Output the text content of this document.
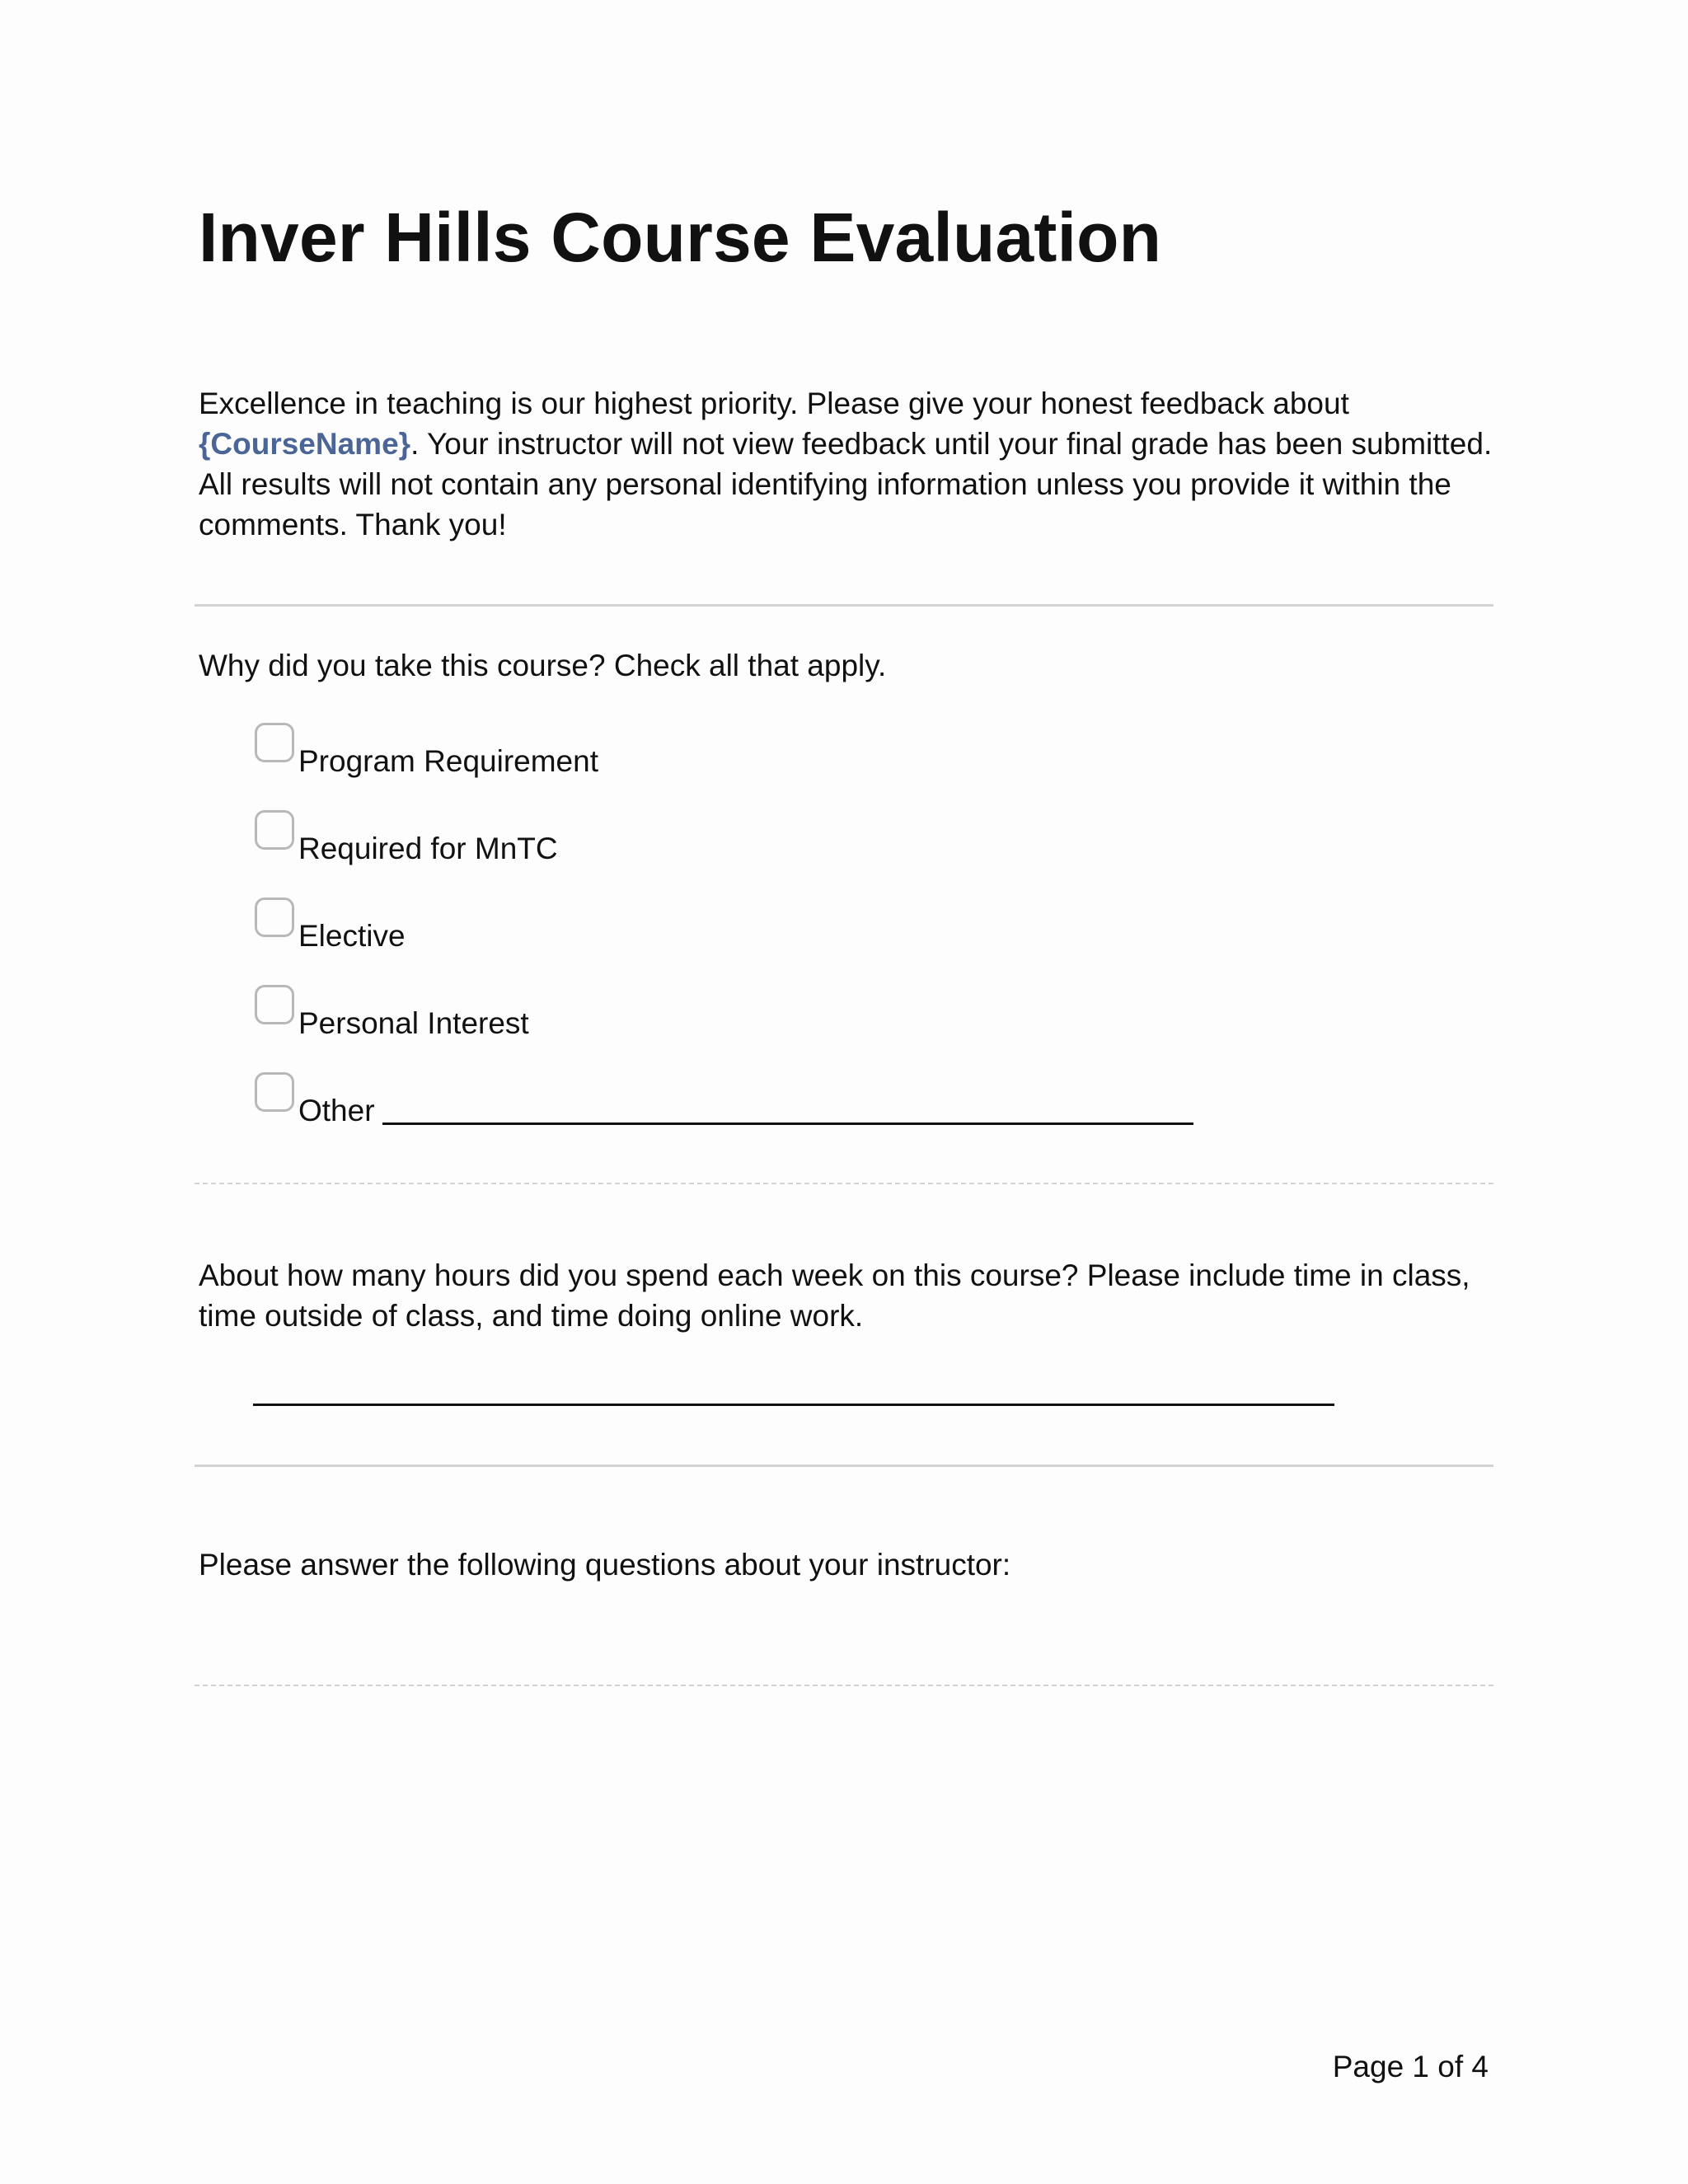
Inver Hills Course Evaluation

Excellence in teaching is our highest priority. Please give your honest feedback about {CourseName}. Your instructor will not view feedback until your final grade has been submitted. All results will not contain any personal identifying information unless you provide it within the comments. Thank you!

Why did you take this course? Check all that apply.

Program Requirement
Required for MnTC
Elective
Personal Interest
Other

About how many hours did you spend each week on this course? Please include time in class, time outside of class, and time doing online work.

Please answer the following questions about your instructor:

Page 1 of 4
